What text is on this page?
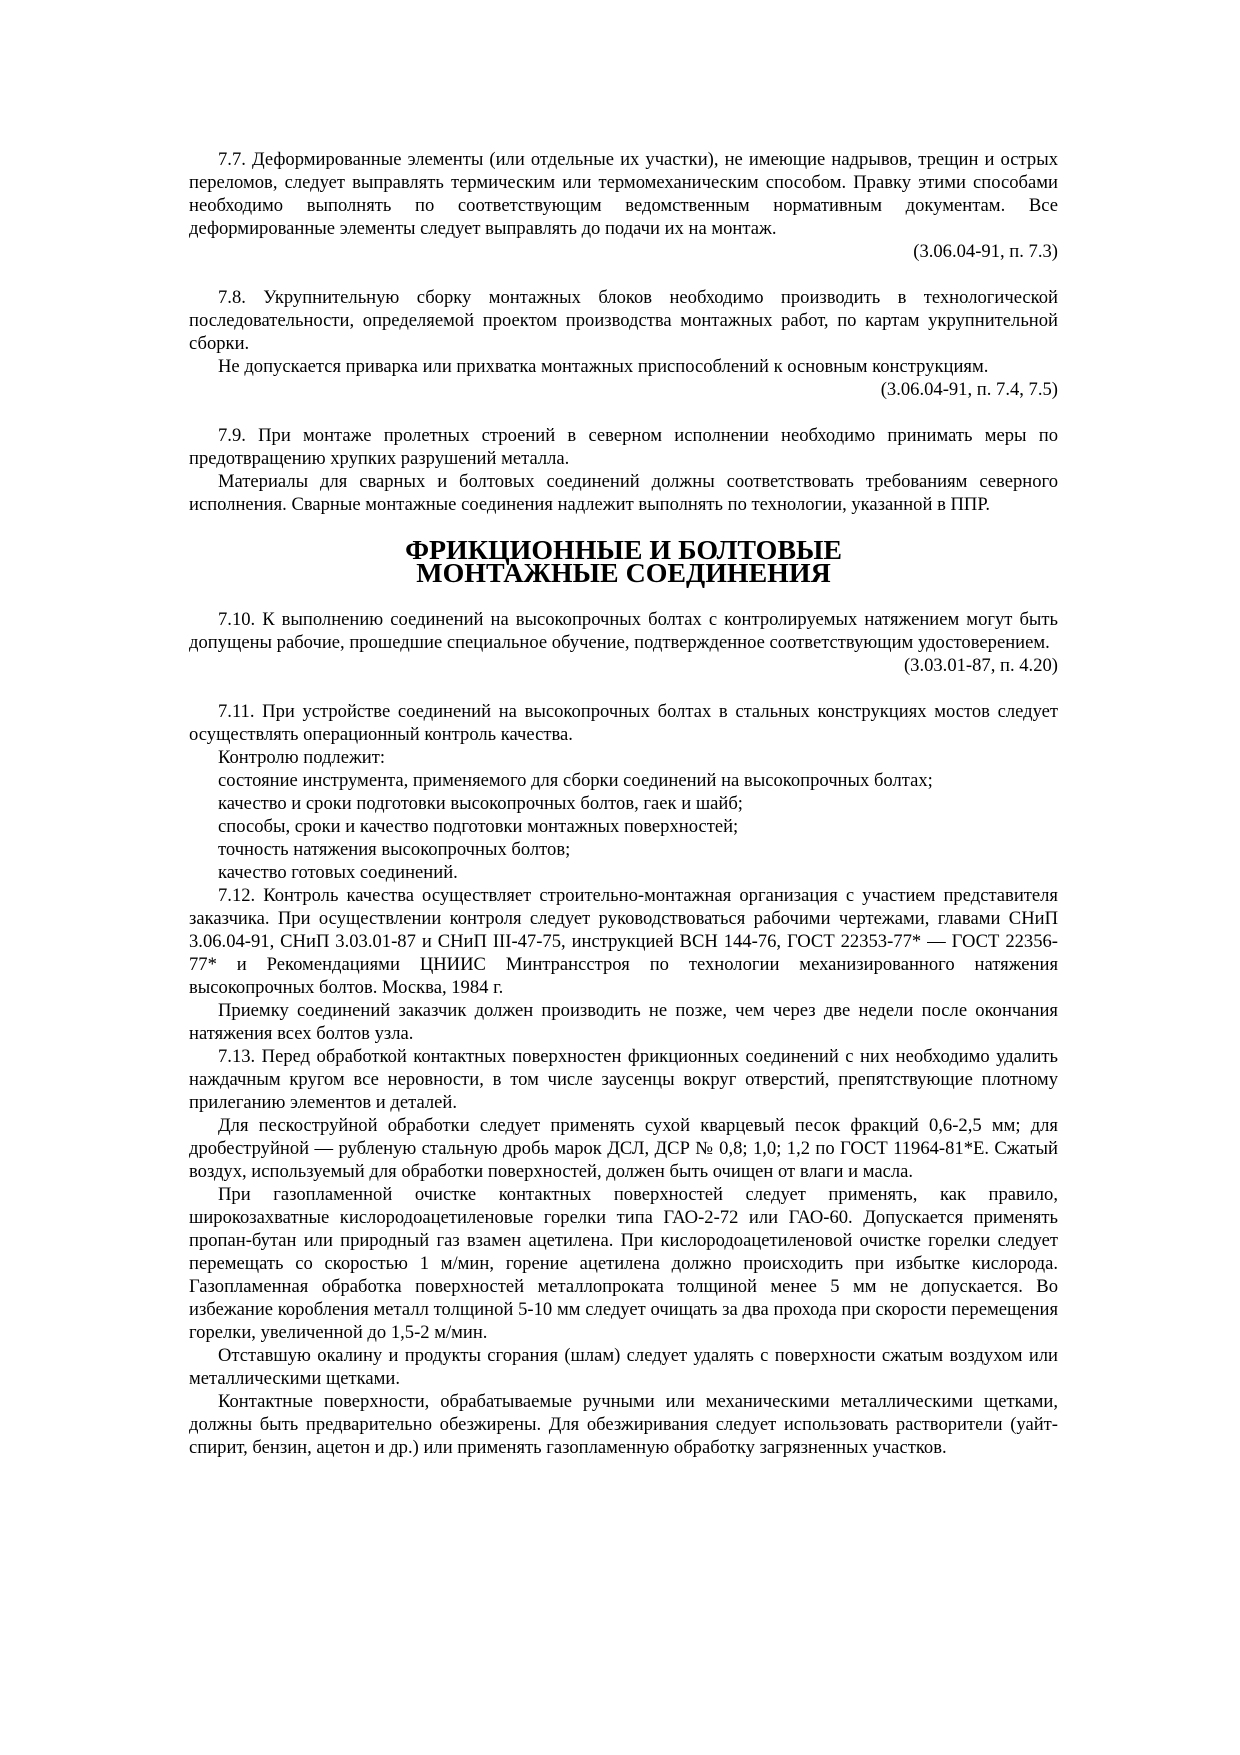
7.7. Деформированные элементы (или отдельные их участки), не имеющие надрывов, трещин и острых переломов, следует выправлять термическим или термомеханическим способом. Правку этими способами необходимо выполнять по соответствующим ведомственным нормативным документам. Все деформированные элементы следует выправлять до подачи их на монтаж.

(3.06.04-91, п. 7.3)

7.8. Укрупнительную сборку монтажных блоков необходимо производить в технологической последовательности, определяемой проектом производства монтажных работ, по картам укрупнительной сборки.

Не допускается приварка или прихватка монтажных приспособлений к основным конструкциям.

(3.06.04-91, п. 7.4, 7.5)

7.9. При монтаже пролетных строений в северном исполнении необходимо принимать меры по предотвращению хрупких разрушений металла.

Материалы для сварных и болтовых соединений должны соответствовать требованиям северного исполнения. Сварные монтажные соединения надлежит выполнять по технологии, указанной в ППР.

ФРИКЦИОННЫЕ И БОЛТОВЫЕ
МОНТАЖНЫЕ СОЕДИНЕНИЯ

7.10. К выполнению соединений на высокопрочных болтах с контролируемых натяжением могут быть допущены рабочие, прошедшие специальное обучение, подтвержденное соответствующим удостоверением.

(3.03.01-87, п. 4.20)

7.11. При устройстве соединений на высокопрочных болтах в стальных конструкциях мостов следует осуществлять операционный контроль качества.

Контролю подлежит:

состояние инструмента, применяемого для сборки соединений на высокопрочных болтах;

качество и сроки подготовки высокопрочных болтов, гаек и шайб;

способы, сроки и качество подготовки монтажных поверхностей;

точность натяжения высокопрочных болтов;

качество готовых соединений.

7.12. Контроль качества осуществляет строительно-монтажная организация с участием представителя заказчика. При осуществлении контроля следует руководствоваться рабочими чертежами, главами СНиП 3.06.04-91, СНиП 3.03.01-87 и СНиП III-47-75, инструкцией ВСН 144-76, ГОСТ 22353-77* — ГОСТ 22356-77* и Рекомендациями ЦНИИС Минтрансстроя по технологии механизированного натяжения высокопрочных болтов. Москва, 1984 г.

Приемку соединений заказчик должен производить не позже, чем через две недели после окончания натяжения всех болтов узла.

7.13. Перед обработкой контактных поверхностен фрикционных соединений с них необходимо удалить наждачным кругом все неровности, в том числе заусенцы вокруг отверстий, препятствующие плотному прилеганию элементов и деталей.

Для пескоструйной обработки следует применять сухой кварцевый песок фракций 0,6-2,5 мм; для дробеструйной — рубленую стальную дробь марок ДСЛ, ДСР № 0,8; 1,0; 1,2 по ГОСТ 11964-81*Е. Сжатый воздух, используемый для обработки поверхностей, должен быть очищен от влаги и масла.

При газопламенной очистке контактных поверхностей следует применять, как правило, широкозахватные кислородоацетиленовые горелки типа ГАО-2-72 или ГАО-60. Допускается применять пропан-бутан или природный газ взамен ацетилена. При кислородоацетиленовой очистке горелки следует перемещать со скоростью 1 м/мин, горение ацетилена должно происходить при избытке кислорода. Газопламенная обработка поверхностей металлопроката толщиной менее 5 мм не допускается. Во избежание коробления металл толщиной 5-10 мм следует очищать за два прохода при скорости перемещения горелки, увеличенной до 1,5-2 м/мин.

Отставшую окалину и продукты сгорания (шлам) следует удалять с поверхности сжатым воздухом или металлическими щетками.

Контактные поверхности, обрабатываемые ручными или механическими металлическими щетками, должны быть предварительно обезжирены. Для обезжиривания следует использовать растворители (уайт-спирит, бензин, ацетон и др.) или применять газопламенную обработку загрязненных участков.
